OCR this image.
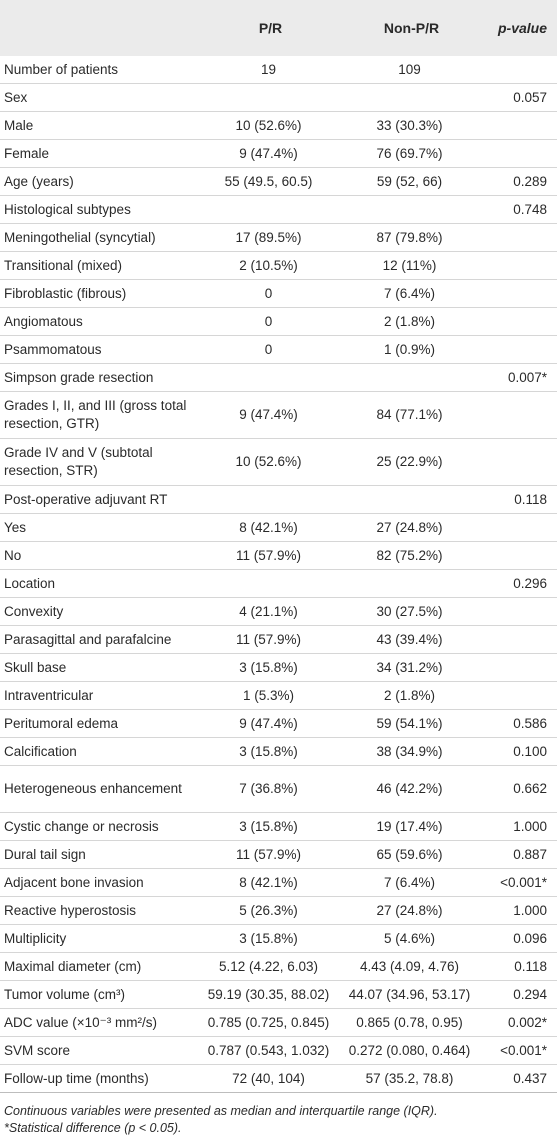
	P/R	Non-P/R	p-value
Number of patients	19	109	
Sex			0.057
Male	10 (52.6%)	33 (30.3%)	
Female	9 (47.4%)	76 (69.7%)	
Age (years)	55 (49.5, 60.5)	59 (52, 66)	0.289
Histological subtypes			0.748
Meningothelial (syncytial)	17 (89.5%)	87 (79.8%)	
Transitional (mixed)	2 (10.5%)	12 (11%)	
Fibroblastic (fibrous)	0	7 (6.4%)	
Angiomatous	0	2 (1.8%)	
Psammomatous	0	1 (0.9%)	
Simpson grade resection			0.007*
Grades I, II, and III (gross total resection, GTR)	9 (47.4%)	84 (77.1%)	
Grade IV and V (subtotal resection, STR)	10 (52.6%)	25 (22.9%)	
Post-operative adjuvant RT			0.118
Yes	8 (42.1%)	27 (24.8%)	
No	11 (57.9%)	82 (75.2%)	
Location			0.296
Convexity	4 (21.1%)	30 (27.5%)	
Parasagittal and parafalcine	11 (57.9%)	43 (39.4%)	
Skull base	3 (15.8%)	34 (31.2%)	
Intraventricular	1 (5.3%)	2 (1.8%)	
Peritumoral edema	9 (47.4%)	59 (54.1%)	0.586
Calcification	3 (15.8%)	38 (34.9%)	0.100
Heterogeneous enhancement	7 (36.8%)	46 (42.2%)	0.662
Cystic change or necrosis	3 (15.8%)	19 (17.4%)	1.000
Dural tail sign	11 (57.9%)	65 (59.6%)	0.887
Adjacent bone invasion	8 (42.1%)	7 (6.4%)	<0.001*
Reactive hyperostosis	5 (26.3%)	27 (24.8%)	1.000
Multiplicity	3 (15.8%)	5 (4.6%)	0.096
Maximal diameter (cm)	5.12 (4.22, 6.03)	4.43 (4.09, 4.76)	0.118
Tumor volume (cm³)	59.19 (30.35, 88.02)	44.07 (34.96, 53.17)	0.294
ADC value (×10⁻³ mm²/s)	0.785 (0.725, 0.845)	0.865 (0.78, 0.95)	0.002*
SVM score	0.787 (0.543, 1.032)	0.272 (0.080, 0.464)	<0.001*
Follow-up time (months)	72 (40, 104)	57 (35.2, 78.8)	0.437
Continuous variables were presented as median and interquartile range (IQR).
*Statistical difference (p < 0.05).
